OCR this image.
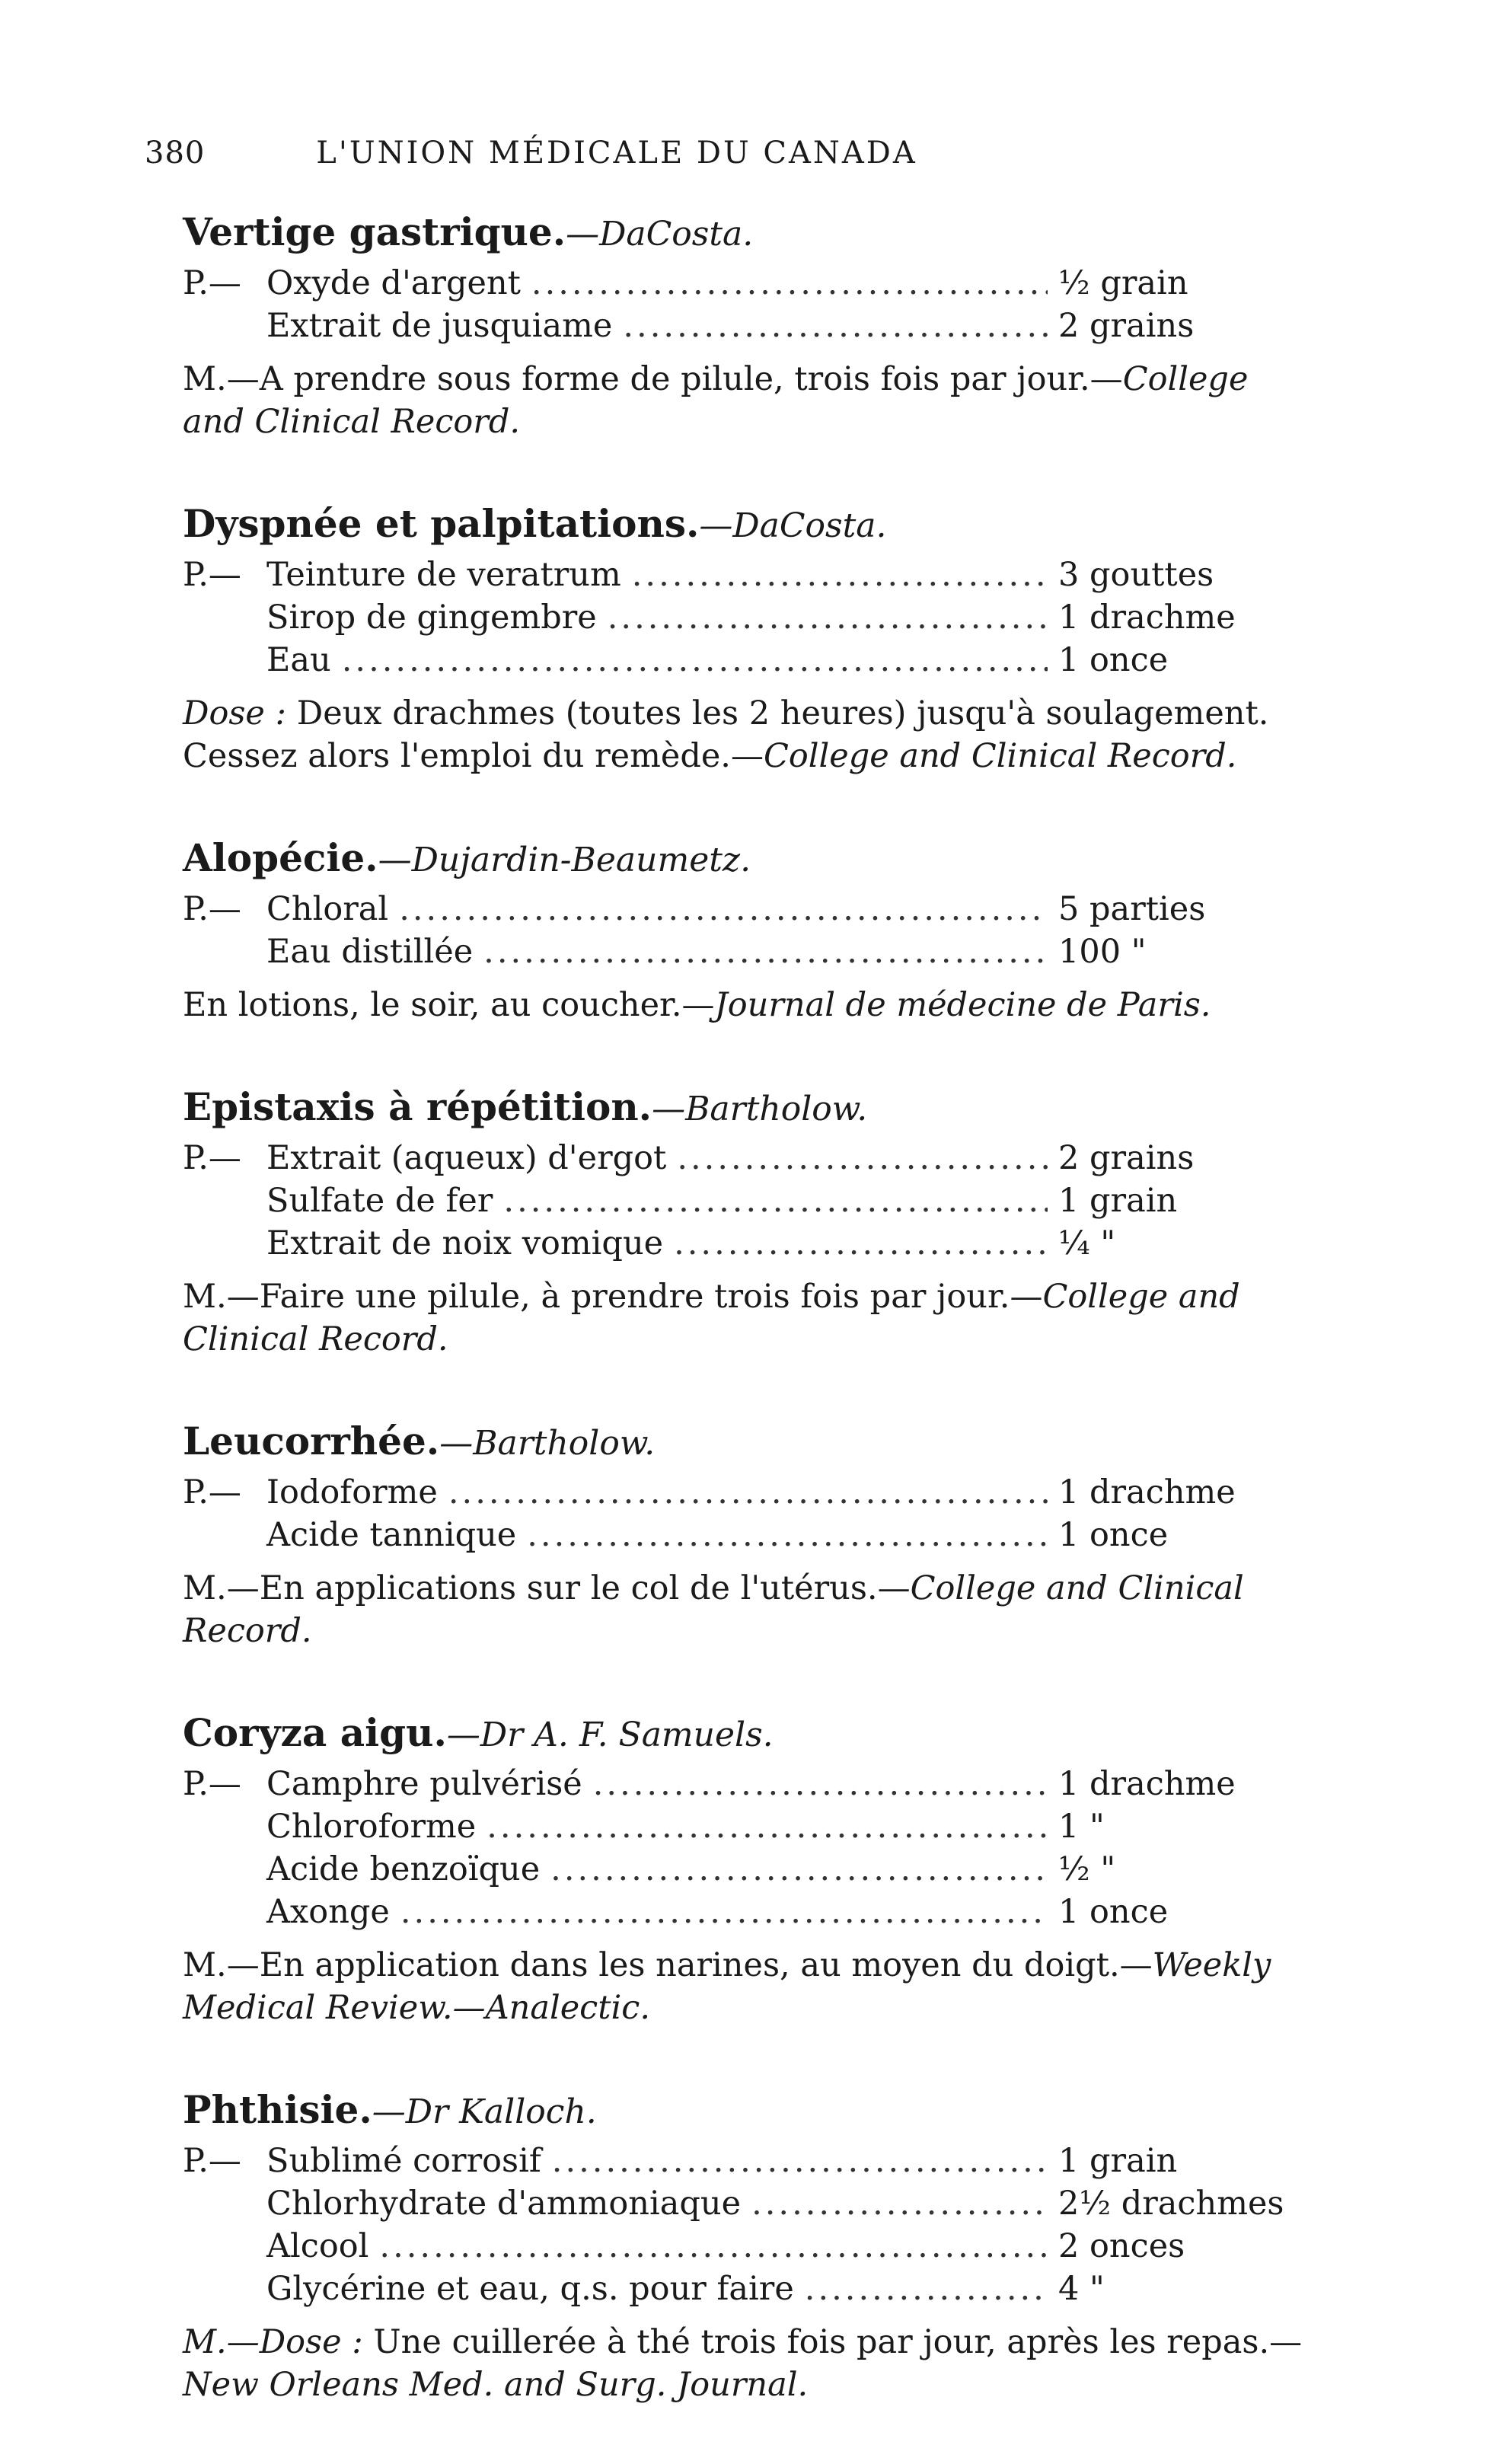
380	L'UNION MÉDICALE DU CANADA
Vertige gastrique.—DaCosta.
P.— Oxyde d'argent .....	½ grain
Extrait de jusquiame .....	2 grains
M.—A prendre sous forme de pilule, trois fois par jour.—College and Clinical Record.
Dyspnée et palpitations.—DaCosta.
P.— Teinture de veratrum .....	3 gouttes
Sirop de gingembre .....	1 drachme
Eau .....	1 once
Dose : Deux drachmes (toutes les 2 heures) jusqu'à soulagement. Cessez alors l'emploi du remède.—College and Clinical Record.
Alopécie.—Dujardin-Beaumetz.
P.— Chloral .....	5 parties
Eau distillée .....	100 "
En lotions, le soir, au coucher.—Journal de médecine de Paris.
Epistaxis à répétition.—Bartholow.
P.— Extrait (aqueux) d'ergot .....	2 grains
Sulfate de fer .....	1 grain
Extrait de noix vomique .....	¼ "
M.—Faire une pilule, à prendre trois fois par jour.—College and Clinical Record.
Leucorrhée.—Bartholow.
P.— Iodoforme .....	1 drachme
Acide tannique .....	1 once
M.—En applications sur le col de l'utérus.—College and Clinical Record.
Coryza aigu.—Dr A. F. Samuels.
P.— Camphre pulvérisé .....	1 drachme
Chloroforme .....	1 "
Acide benzoïque .....	½ "
Axonge .....	1 once
M.—En application dans les narines, au moyen du doigt.—Weekly Medical Review.—Analectic.
Phthisie.—Dr Kalloch.
P.— Sublimé corrosif .....	1 grain
Chlorhydrate d'ammoniaque .....	2½ drachmes
Alcool .....	2 onces
Glycérine et eau, q.s. pour faire .....	4 "
M.—Dose : Une cuillerée à thé trois fois par jour, après les repas.—New Orleans Med. and Surg. Journal.
